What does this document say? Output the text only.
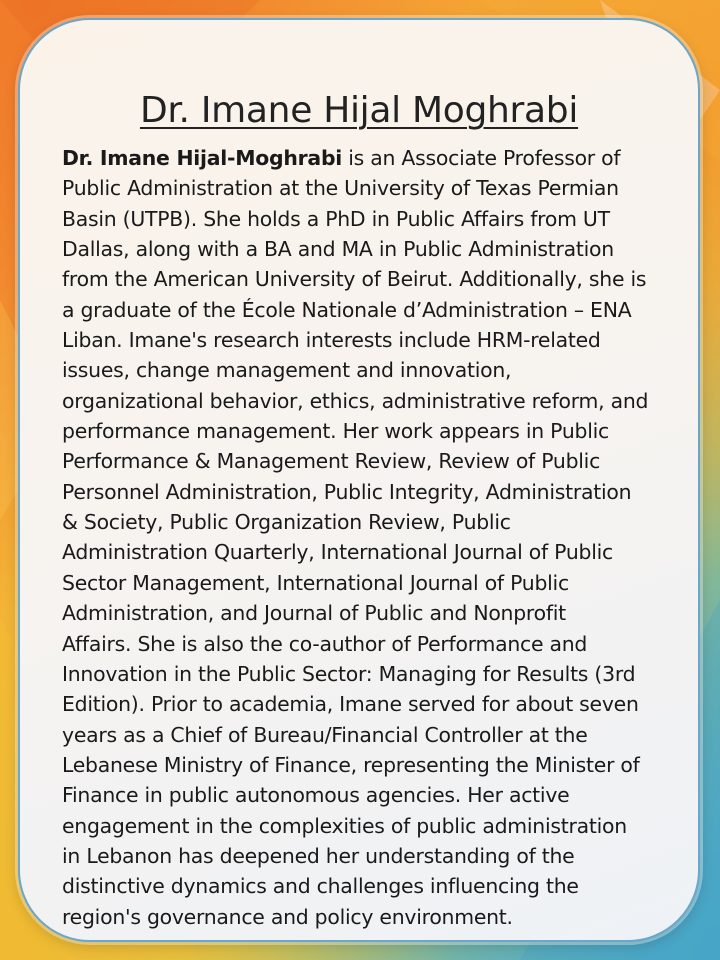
Dr. Imane Hijal Moghrabi

Dr. Imane Hijal-Moghrabi is an Associate Professor of
Public Administration at the University of Texas Permian
Basin (UTPB). She holds a PhD in Public Affairs from UT
Dallas, along with a BA and MA in Public Administration
from the American University of Beirut. Additionally, she is
a graduate of the École Nationale d’Administration – ENA
Liban. Imane's research interests include HRM-related
issues, change management and innovation,
organizational behavior, ethics, administrative reform, and
performance management. Her work appears in Public
Performance & Management Review, Review of Public
Personnel Administration, Public Integrity, Administration
& Society, Public Organization Review, Public
Administration Quarterly, International Journal of Public
Sector Management, International Journal of Public
Administration, and Journal of Public and Nonprofit
Affairs. She is also the co-author of Performance and
Innovation in the Public Sector: Managing for Results (3rd
Edition). Prior to academia, Imane served for about seven
years as a Chief of Bureau/Financial Controller at the
Lebanese Ministry of Finance, representing the Minister of
Finance in public autonomous agencies. Her active
engagement in the complexities of public administration
in Lebanon has deepened her understanding of the
distinctive dynamics and challenges influencing the
region's governance and policy environment.
